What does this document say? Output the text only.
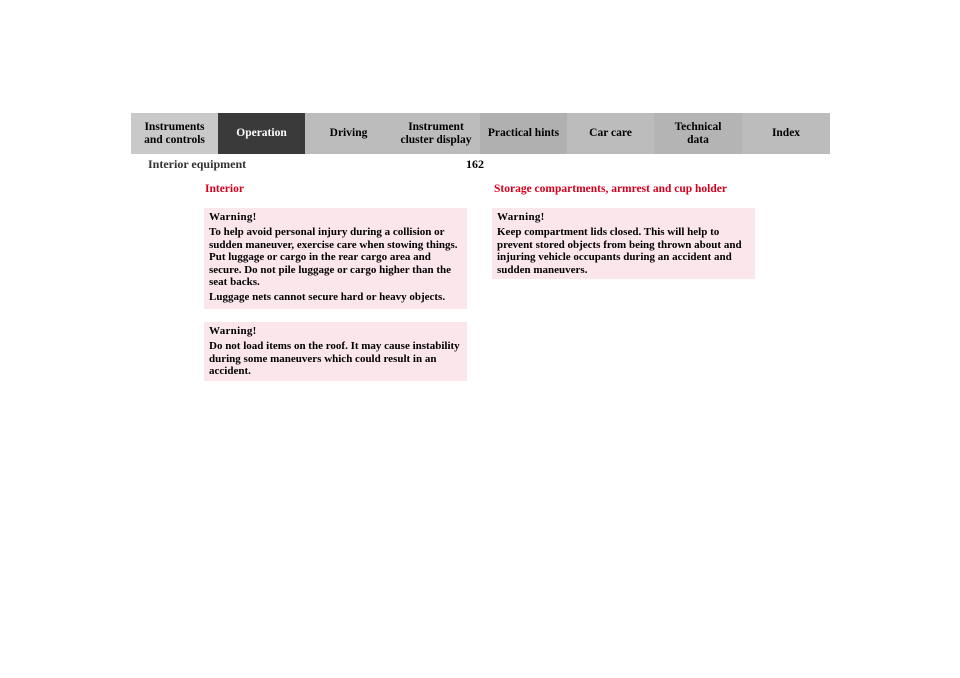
Instruments
and controls
Operation	Driving
Instrument
cluster display
Practical hints	Car care
Technical
data
Index
Interior equipment	162
Interior	Storage compartments, armrest and cup holder
Warning!

To help avoid personal injury during a collision or sudden maneuver, exercise care when stowing things. Put luggage or cargo in the rear cargo area and secure. Do not pile luggage or cargo higher than the seat backs.

Luggage nets cannot secure hard or heavy objects.

Warning!

Do not load items on the roof. It may cause instability during some maneuvers which could result in an accident.

Warning!

Keep compartment lids closed. This will help to prevent stored objects from being thrown about and injuring vehicle occupants during an accident and sudden maneuvers.
